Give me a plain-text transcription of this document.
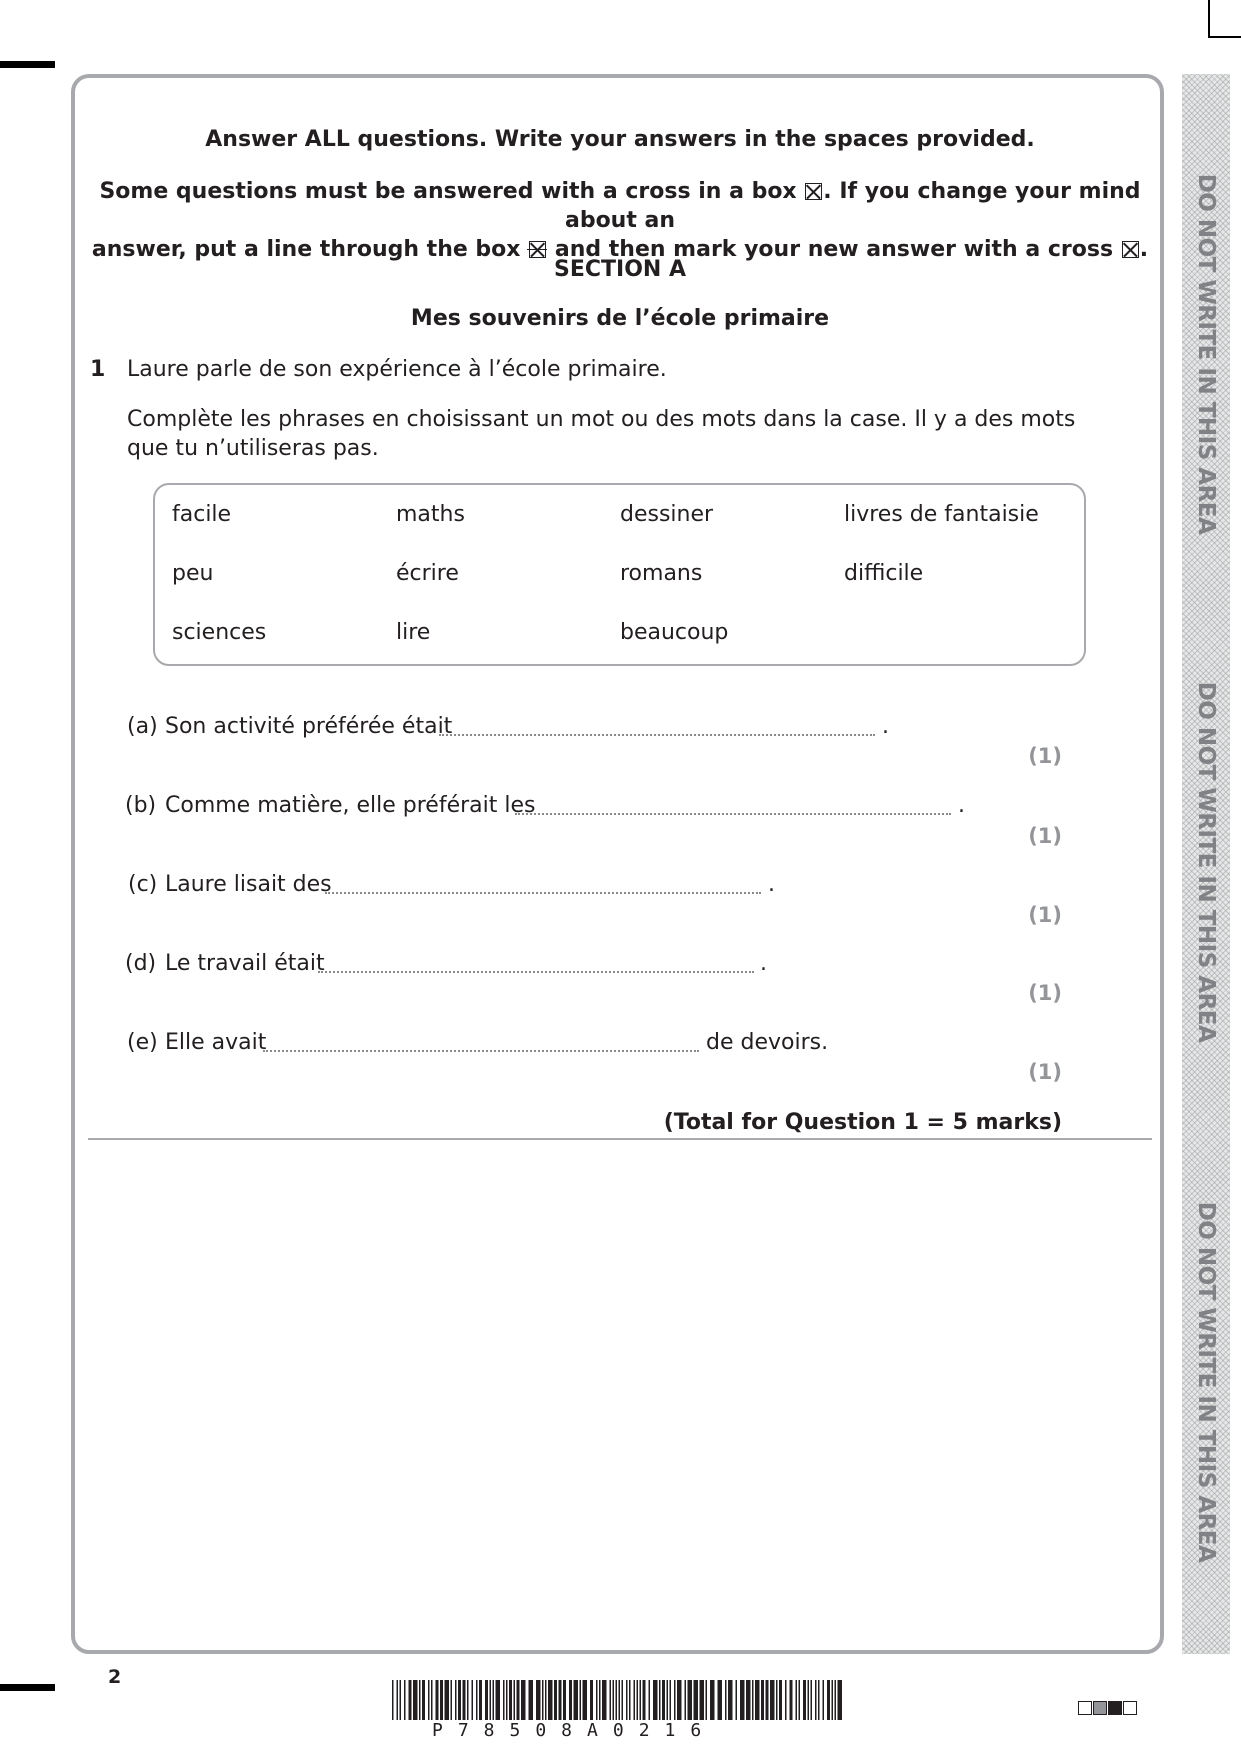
DO NOT WRITE IN THIS AREA
DO NOT WRITE IN THIS AREA
DO NOT WRITE IN THIS AREA
Answer ALL questions. Write your answers in the spaces provided.
Some questions must be answered with a cross in a box ☒. If you change your mind about an
answer, put a line through the box and then mark your new answer with a cross ☒.
SECTION A
Mes souvenirs de l’école primaire
1 Laure parle de son expérience à l’école primaire.
Complète les phrases en choisissant un mot ou des mots dans la case. Il y a des mots
que tu n’utiliseras pas.
facile	maths	dessiner	livres de fantaisie
peu	écrire	romans	difficile
sciences	lire	beaucoup
(a) Son activité préférée était	.
(1)
(b) Comme matière, elle préférait les	.
(1)
(c) Laure lisait des	.
(1)
(d) Le travail était	.
(1)
(e) Elle avait	de devoirs.
(1)
(Total for Question 1 = 5 marks)
2
P78508A0216
